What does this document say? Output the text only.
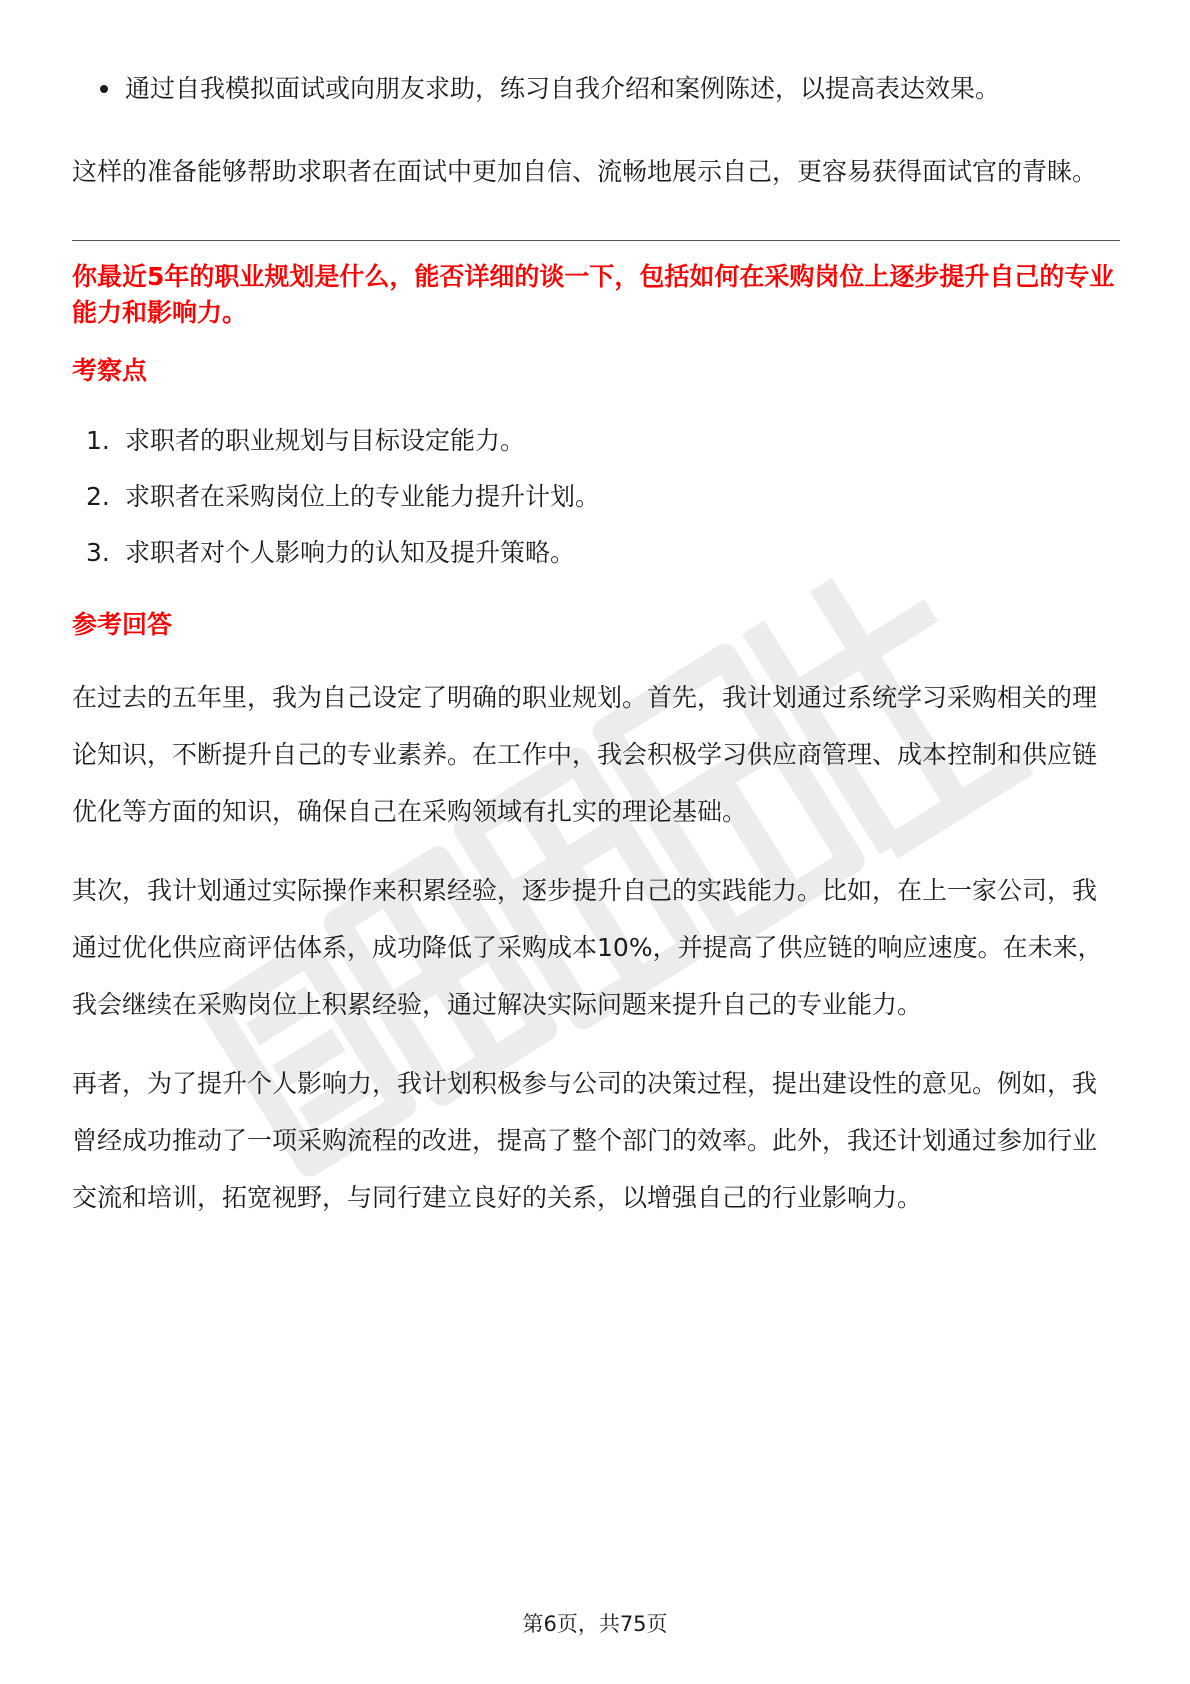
通过自我模拟面试或向朋友求助，练习自我介绍和案例陈述，以提高表达效果。

这样的准备能够帮助求职者在面试中更加自信、流畅地展示自己，更容易获得面试官的青睐。

你最近5年的职业规划是什么，能否详细的谈一下，包括如何在采购岗位上逐步提升自己的专业能力和影响力。
考察点
1. 求职者的职业规划与目标设定能力。
2. 求职者在采购岗位上的专业能力提升计划。
3. 求职者对个人影响力的认知及提升策略。
参考回答

在过去的五年里，我为自己设定了明确的职业规划。首先，我计划通过系统学习采购相关的理论知识，不断提升自己的专业素养。在工作中，我会积极学习供应商管理、成本控制和供应链优化等方面的知识，确保自己在采购领域有扎实的理论基础。

其次，我计划通过实际操作来积累经验，逐步提升自己的实践能力。比如，在上一家公司，我通过优化供应商评估体系，成功降低了采购成本10%，并提高了供应链的响应速度。在未来，我会继续在采购岗位上积累经验，通过解决实际问题来提升自己的专业能力。

再者，为了提升个人影响力，我计划积极参与公司的决策过程，提出建设性的意见。例如，我曾经成功推动了一项采购流程的改进，提高了整个部门的效率。此外，我还计划通过参加行业交流和培训，拓宽视野，与同行建立良好的关系，以增强自己的行业影响力。

第6页，共75页
